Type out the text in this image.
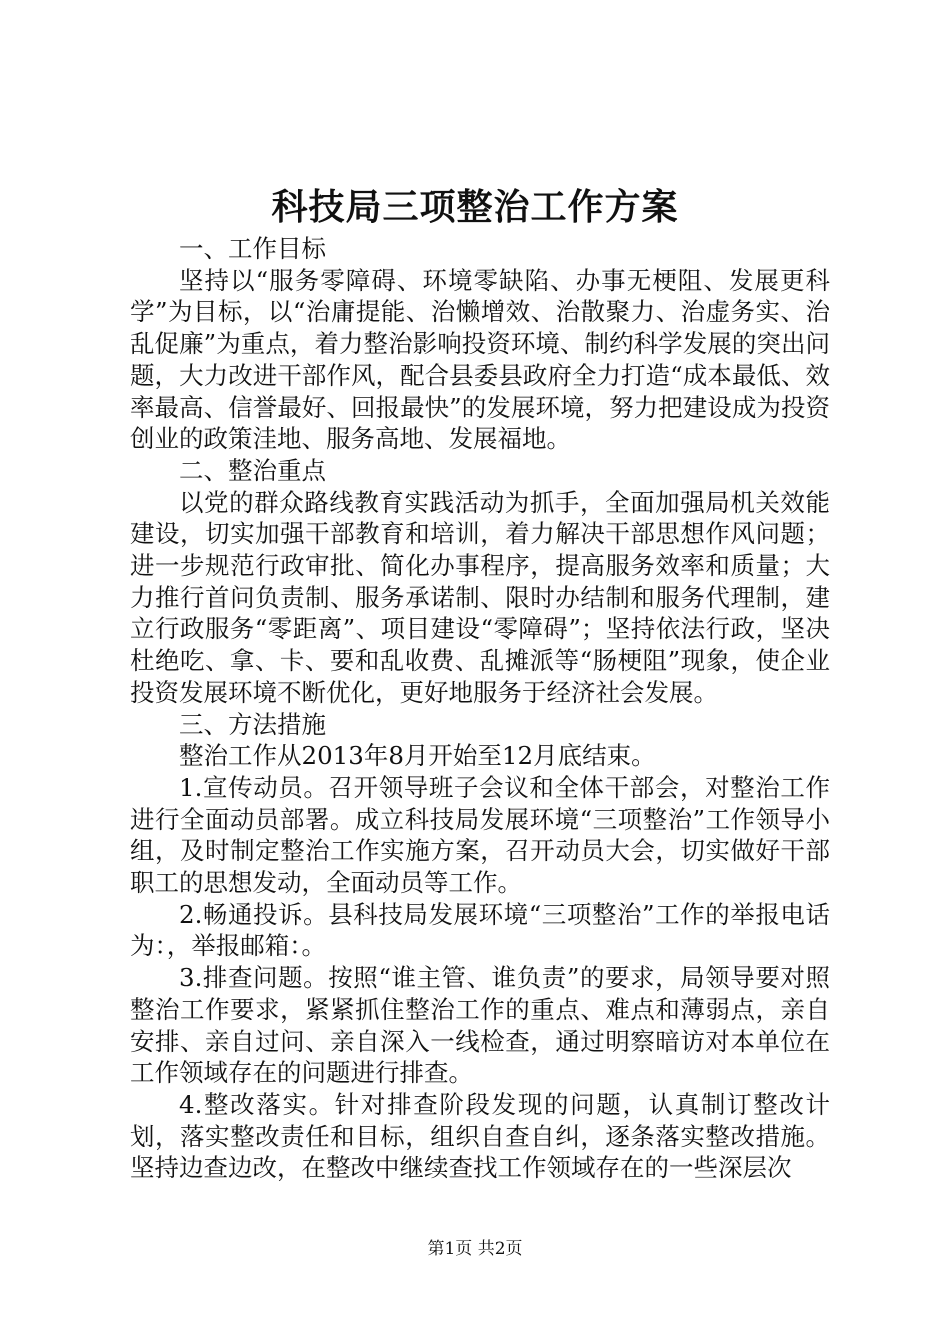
科技局三项整治工作方案

一、工作目标

坚持以“服务零障碍、环境零缺陷、办事无梗阻、发展更科学”为目标，以“治庸提能、治懒增效、治散聚力、治虚务实、治乱促廉”为重点，着力整治影响投资环境、制约科学发展的突出问题，大力改进干部作风，配合县委县政府全力打造“成本最低、效率最高、信誉最好、回报最快”的发展环境，努力把建设成为投资创业的政策洼地、服务高地、发展福地。

二、整治重点

以党的群众路线教育实践活动为抓手，全面加强局机关效能建设，切实加强干部教育和培训，着力解决干部思想作风问题；进一步规范行政审批、简化办事程序，提高服务效率和质量；大力推行首问负责制、服务承诺制、限时办结制和服务代理制，建立行政服务“零距离”、项目建设“零障碍”；坚持依法行政，坚决杜绝吃、拿、卡、要和乱收费、乱摊派等“肠梗阻”现象，使企业投资发展环境不断优化，更好地服务于经济社会发展。

三、方法措施

整治工作从2013年8月开始至12月底结束。

1.宣传动员。召开领导班子会议和全体干部会，对整治工作进行全面动员部署。成立科技局发展环境“三项整治”工作领导小组，及时制定整治工作实施方案，召开动员大会，切实做好干部职工的思想发动，全面动员等工作。

2.畅通投诉。县科技局发展环境“三项整治”工作的举报电话为：，举报邮箱：。

3.排查问题。按照“谁主管、谁负责”的要求，局领导要对照整治工作要求，紧紧抓住整治工作的重点、难点和薄弱点，亲自安排、亲自过问、亲自深入一线检查，通过明察暗访对本单位在工作领域存在的问题进行排查。

4.整改落实。针对排查阶段发现的问题，认真制订整改计划，落实整改责任和目标，组织自查自纠，逐条落实整改措施。坚持边查边改，在整改中继续查找工作领域存在的一些深层次

第1页 共2页
